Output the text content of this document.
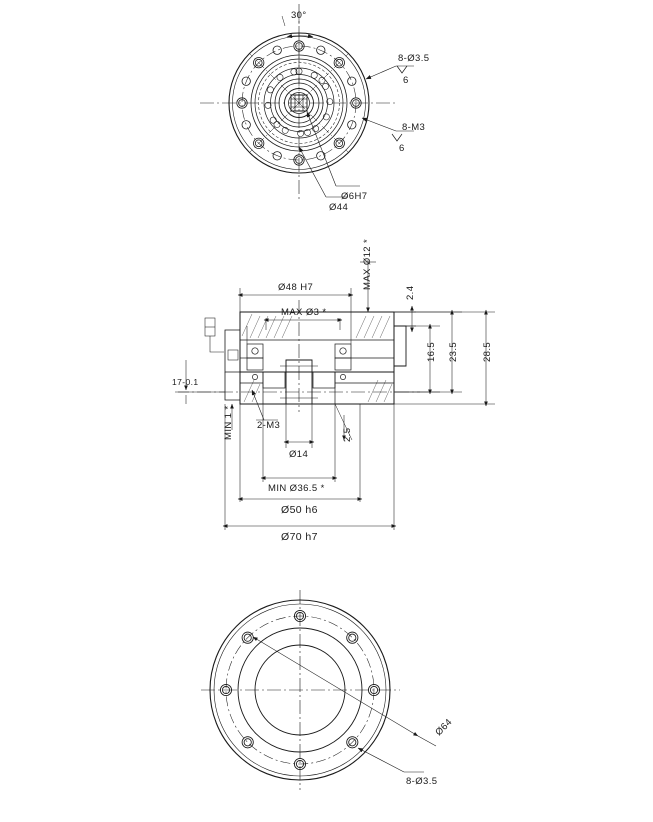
30°
8-Ø3.5
6
8-M3
6
Ø6H7
Ø44
MAX Ø12 *
Ø48 H7	2.4
MAX Ø3 *
16.5 23.5 28.5
17-0.1
MIN 1 * 2-M3
Ø14
2.5
MIN Ø36.5 *
Ø50 h6
Ø70 h7
Ø64
8-Ø3.5
